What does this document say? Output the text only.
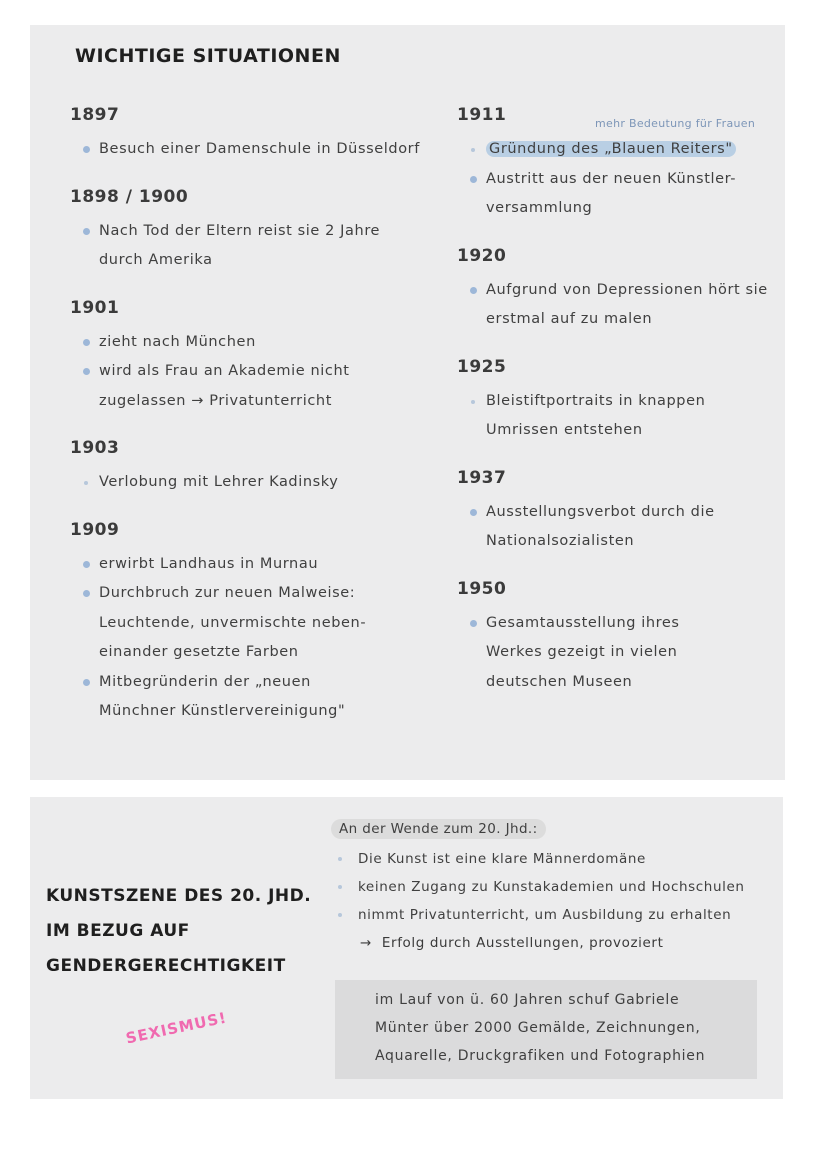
WICHTIGE SITUATIONEN
mehr Bedeutung für Frauen
1897
Besuch einer Damenschule in Düsseldorf
1898 / 1900
Nach Tod der Eltern reist sie 2 Jahre durch Amerika
1901
zieht nach München
wird als Frau an Akademie nicht zugelassen → Privatunterricht
1903
Verlobung mit Lehrer Kadinsky
1909
erwirbt Landhaus in Murnau
Durchbruch zur neuen Malweise: Leuchtende, unvermischte neben-einander gesetzte Farben
Mitbegründerin der „neuen Münchner Künstlervereinigung"
1911
Gründung des „Blauen Reiters"
Austritt aus der neuen Künstler-versammlung
1920
Aufgrund von Depressionen hört sie erstmal auf zu malen
1925
Bleistiftportraits in knappen Umrissen entstehen
1937
Ausstellungsverbot durch die Nationalsozialisten
1950
Gesamtausstellung ihres Werkes gezeigt in vielen deutschen Museen
KUNSTSZENE DES 20. JHD.
IM BEZUG AUF
GENDERGERECHTIGKEIT
SEXISMUS!
An der Wende zum 20. Jhd.:
Die Kunst ist eine klare Männerdomäne
keinen Zugang zu Kunstakademien und Hochschulen
nimmt Privatunterricht, um Ausbildung zu erhalten
→ Erfolg durch Ausstellungen, provoziert
im Lauf von ü. 60 Jahren schuf Gabriele
Münter über 2000 Gemälde, Zeichnungen,
Aquarelle, Druckgrafiken und Fotographien
